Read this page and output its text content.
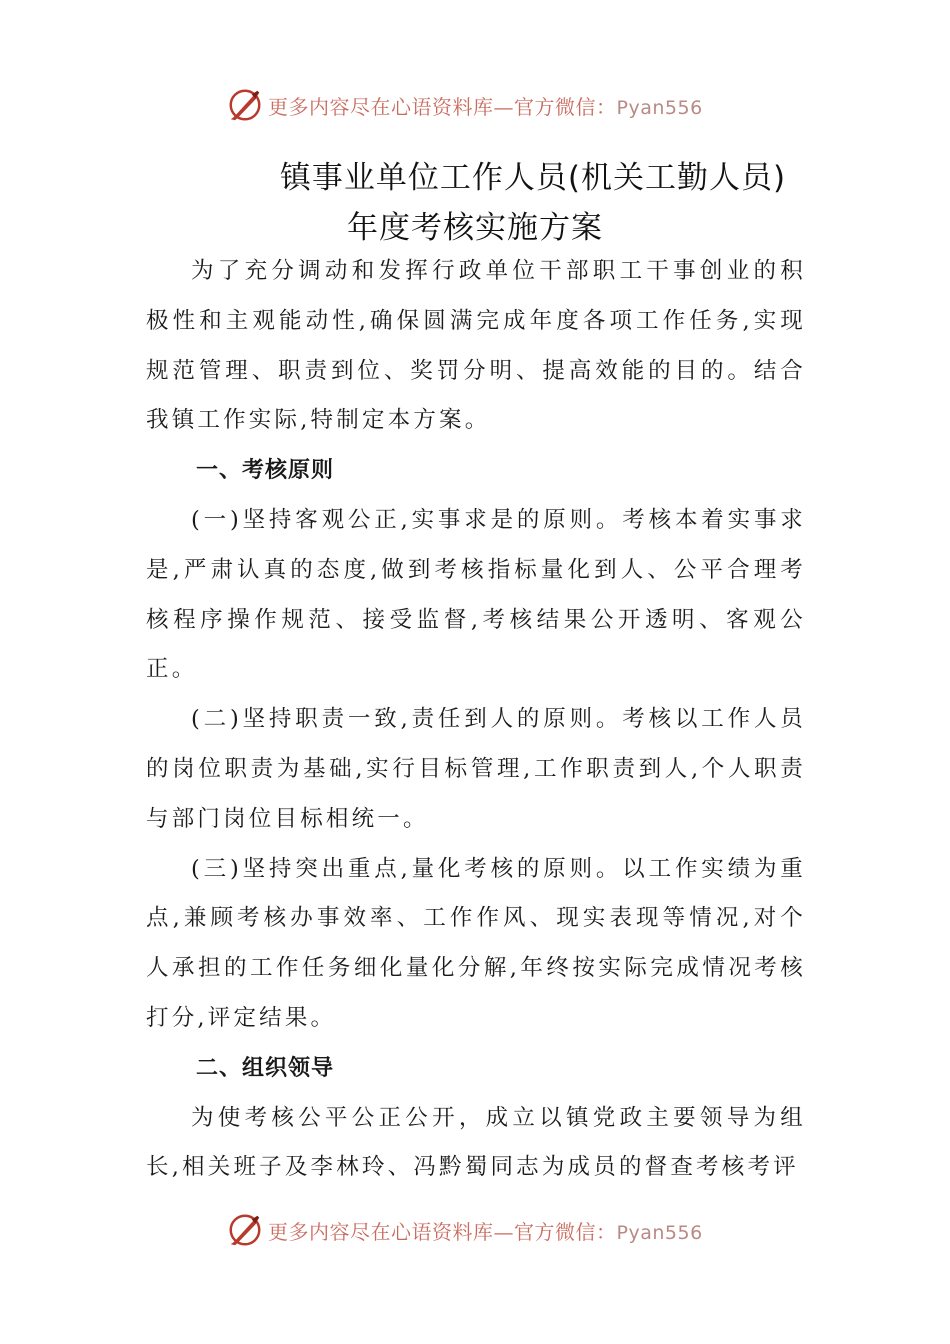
更多内容尽在心语资料库—官方微信：Pyan556
镇事业单位工作人员(机关工勤人员)
年度考核实施方案

为了充分调动和发挥行政单位干部职工干事创业的积极性和主观能动性,确保圆满完成年度各项工作任务,实现规范管理、职责到位、奖罚分明、提高效能的目的。结合我镇工作实际,特制定本方案。

一、考核原则

(一)坚持客观公正,实事求是的原则。考核本着实事求是,严肃认真的态度,做到考核指标量化到人、公平合理考核程序操作规范、接受监督,考核结果公开透明、客观公正。

(二)坚持职责一致,责任到人的原则。考核以工作人员的岗位职责为基础,实行目标管理,工作职责到人,个人职责与部门岗位目标相统一。

(三)坚持突出重点,量化考核的原则。以工作实绩为重点,兼顾考核办事效率、工作作风、现实表现等情况,对个人承担的工作任务细化量化分解,年终按实际完成情况考核打分,评定结果。

二、组织领导

为使考核公平公正公开，成立以镇党政主要领导为组长,相关班子及李林玲、冯黔蜀同志为成员的督查考核考评

更多内容尽在心语资料库—官方微信：Pyan556
